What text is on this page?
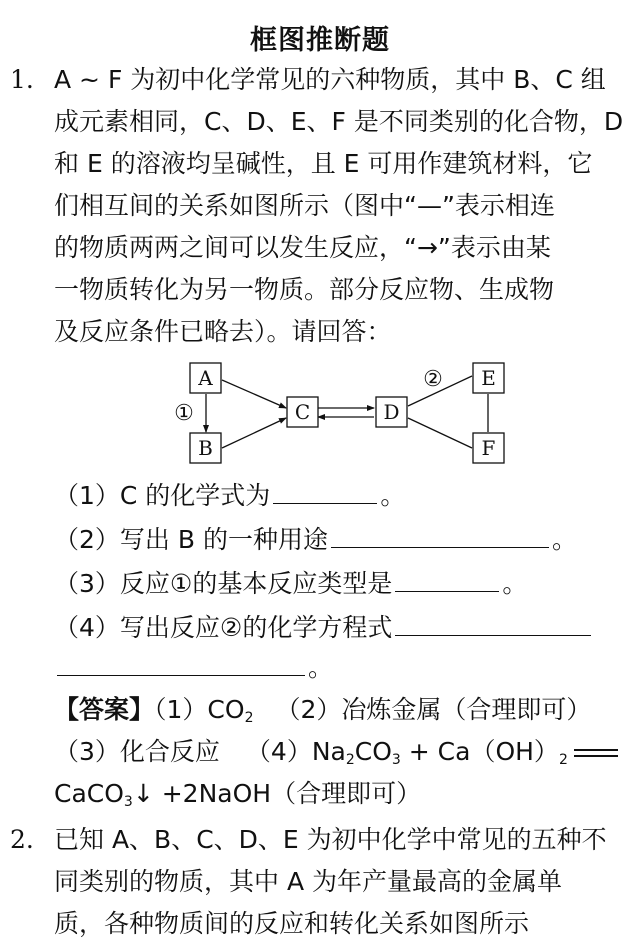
框图推断题
1. A ~ F 为初中化学常见的六种物质，其中 B、C 组
成元素相同，C、D、E、F 是不同类别的化合物，D
和 E 的溶液均呈碱性，且 E 可用作建筑材料，它
们相互间的关系如图所示（图中“—”表示相连
的物质两两之间可以发生反应，“→”表示由某
一物质转化为另一物质。部分反应物、生成物
及反应条件已略去）。请回答：
A
B
C	D
E
F
①
②
（1）C 的化学式为	。
（2）写出 B 的一种用途	。
（3）反应①的基本反应类型是	。
（4）写出反应②的化学方程式
。
【答案】$(1)CO_2$ （2）冶炼金属（合理即可）
（3）化合反应 $(4)Na_2CO_3 + Ca(OH)_2$
CaCO$_3$↓ +2NaOH（合理即可）
2. 已知 A、B、C、D、E 为初中化学中常见的五种不
同类别的物质，其中 A 为年产量最高的金属单
质，各种物质间的反应和转化关系如图所示
